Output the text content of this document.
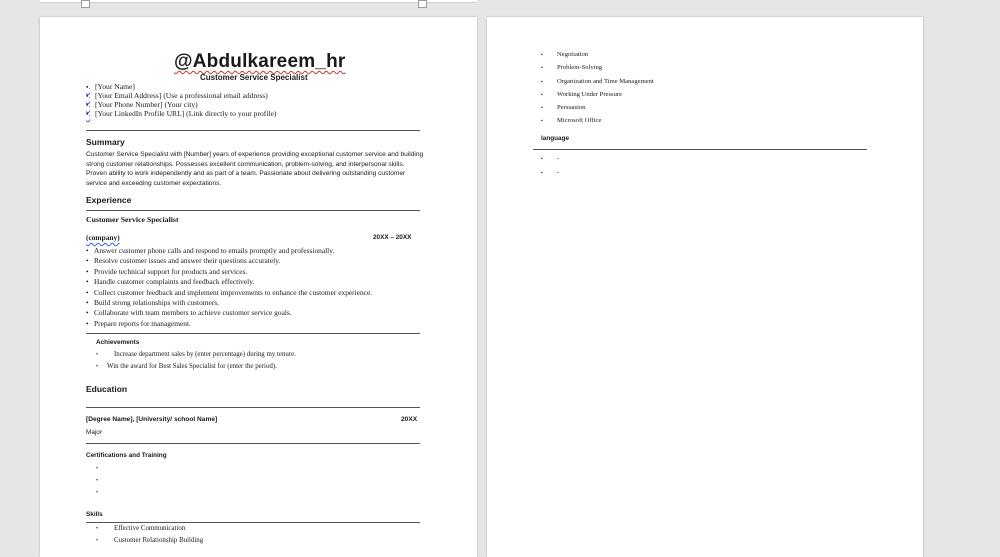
@Abdulkareem_hr
Customer Service Specialist
▪. [Your Name]
▪. [Your Email Address] (Use a professional email address)
▪. [Your Phone Number] (Your city)
▪. [Your LinkedIn Profile URL] (Link directly to your profile)
Summary
Customer Service Specialist with [Number] years of experience providing exceptional customer service and building strong customer relationships. Possesses excellent communication, problem-solving, and interpersonal skills. Proven ability to work independently and as part of a team. Passionate about delivering outstanding customer service and exceeding customer expectations.
Experience
Customer Service Specialist
(company)	20XX – 20XX
• Answer customer phone calls and respond to emails promptly and professionally.
• Resolve customer issues and answer their questions accurately.
• Provide technical support for products and services.
• Handle customer complaints and feedback effectively.
• Collect customer feedback and implement improvements to enhance the customer experience.
• Build strong relationships with customers.
• Collaborate with team members to achieve customer service goals.
• Prepare reports for management.
Achievements
• Increase department sales by (enter percentage) during my tenure.
• Win the award for Best Sales Specialist for (enter the period).
Education
[Degree Name], [University/ school Name]	20XX
Major
Certifications and Training
•
•
•
Skills
• Effective Communication
• Customer Relationship Building
▪ Negotiation
▪ Problem-Solving
▪ Organization and Time Management
▪ Working Under Pressure
▪ Persuasion
▪ Microsoft Office
language
▪ -
▪ -
